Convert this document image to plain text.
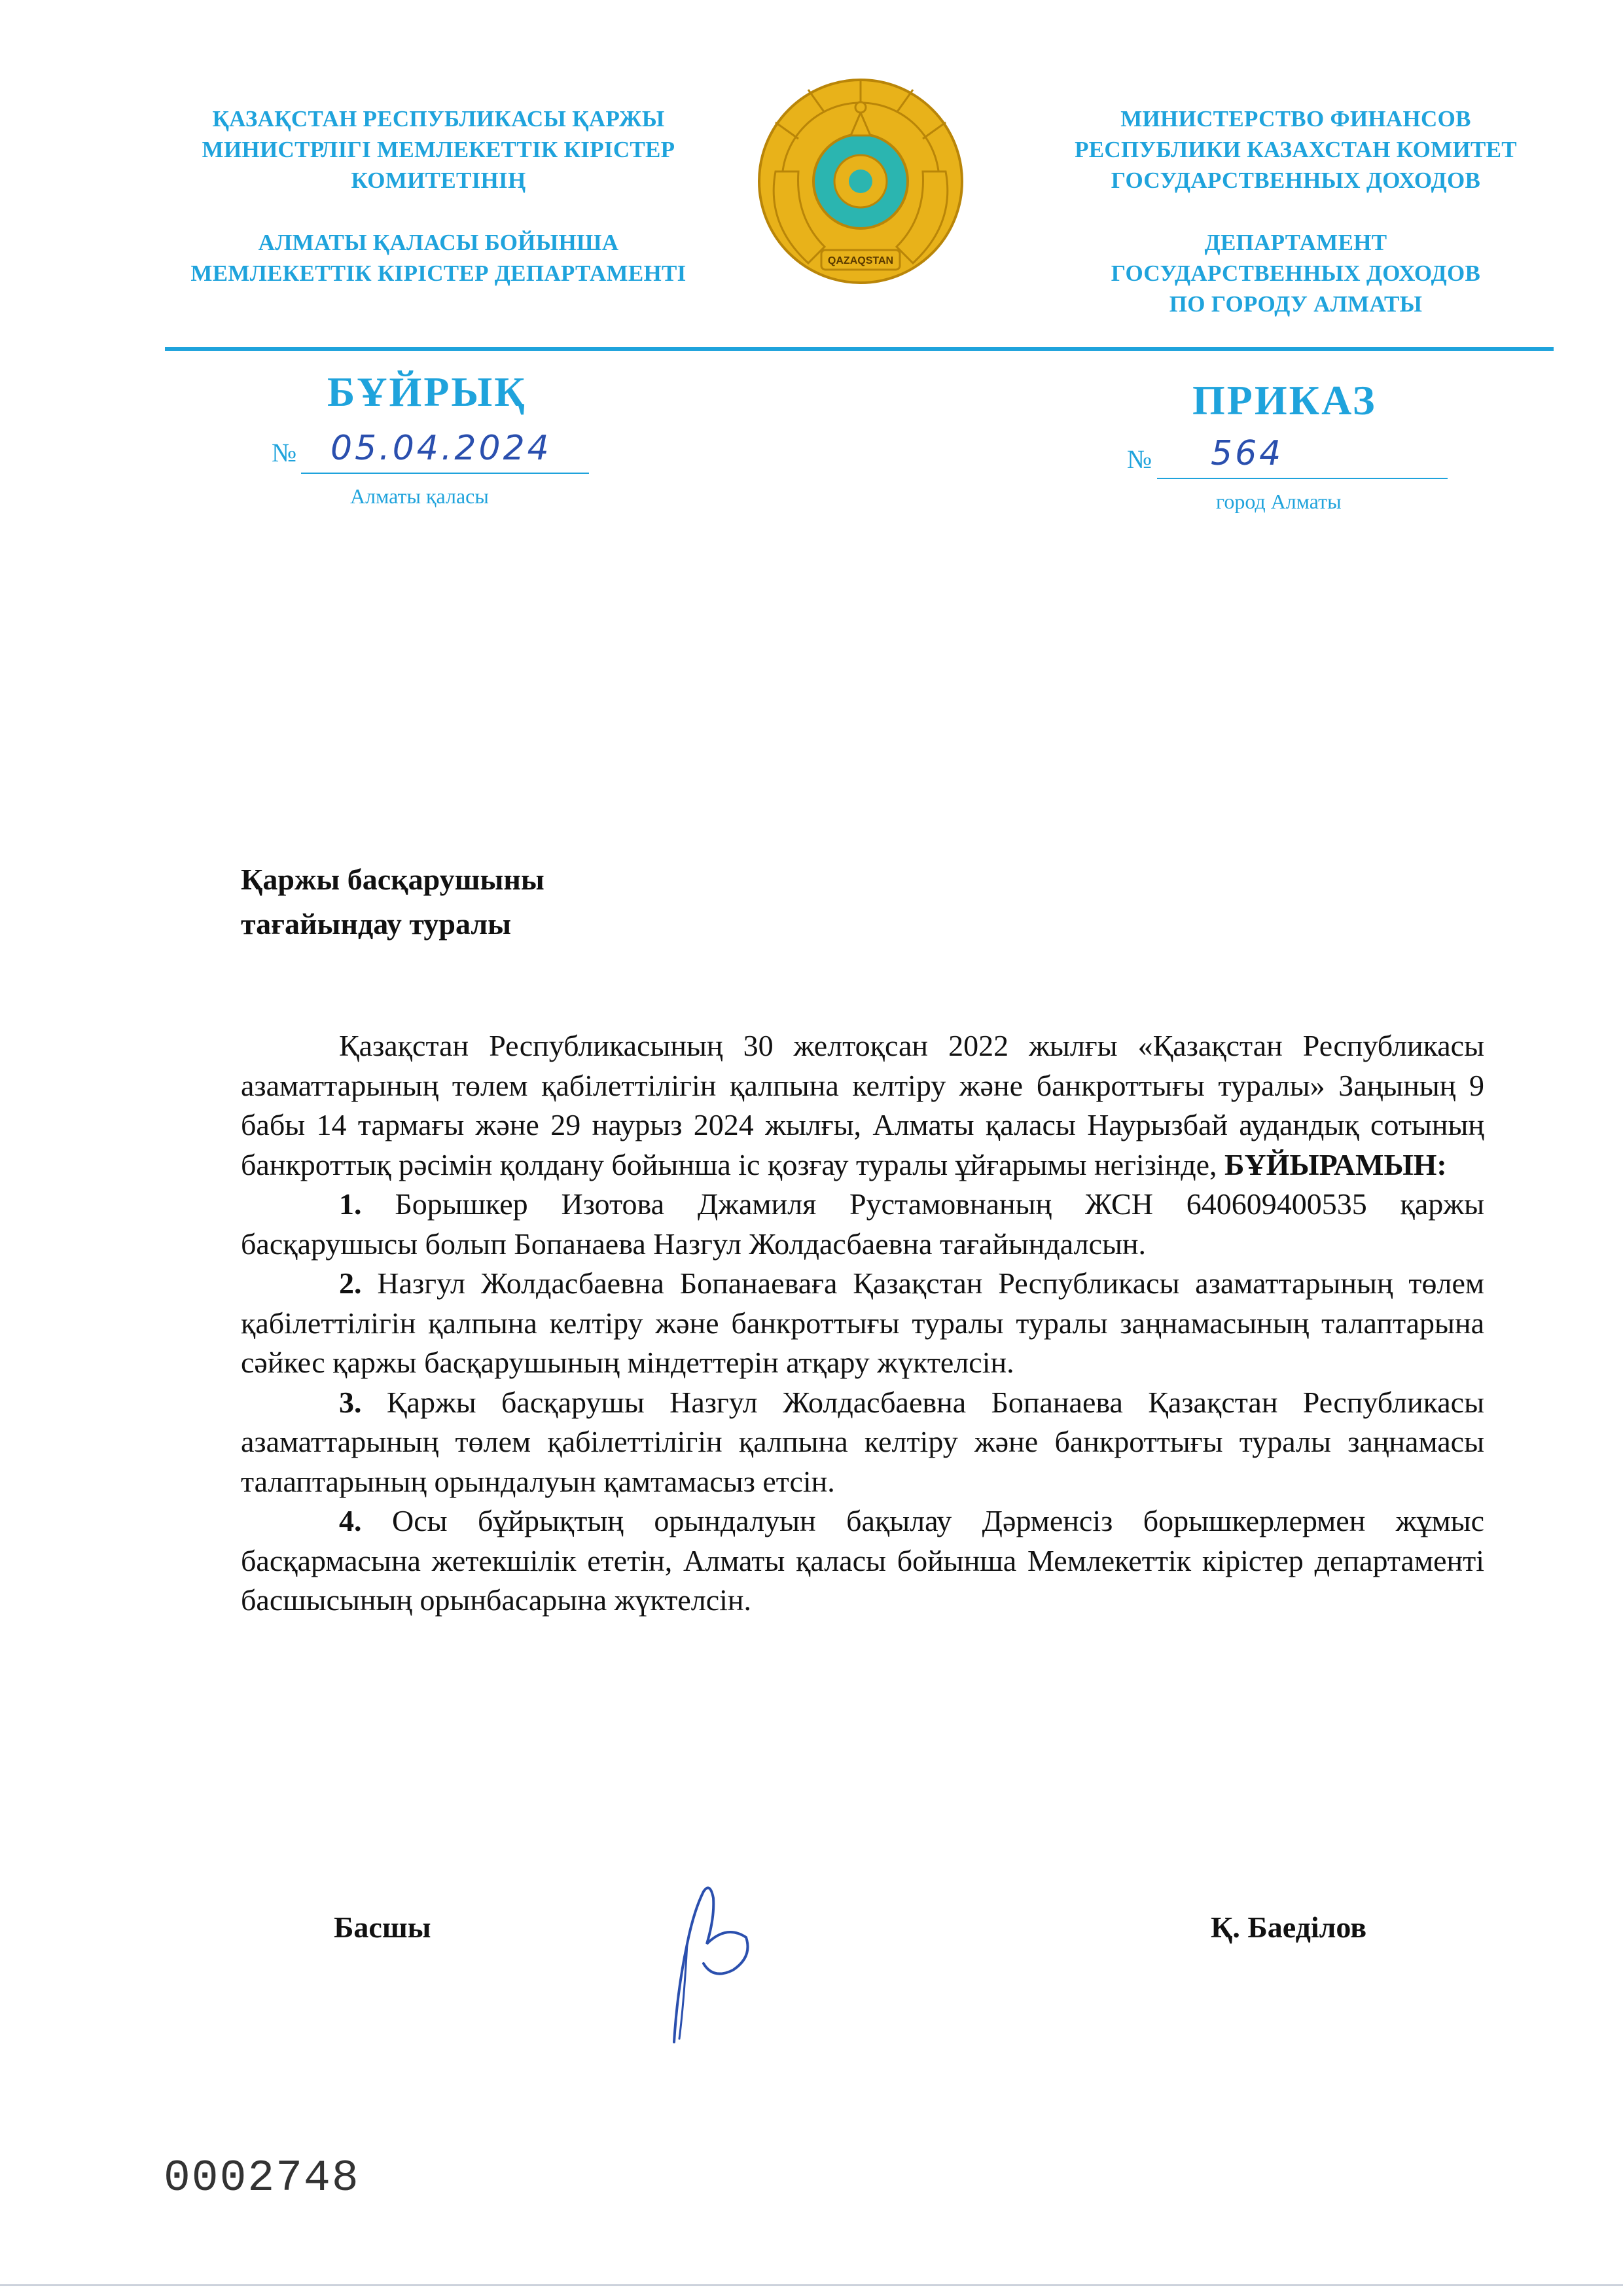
ҚАЗАҚСТАН РЕСПУБЛИКАСЫ ҚАРЖЫ
МИНИСТРЛІГІ МЕМЛЕКЕТТІК КІРІСТЕР
КОМИТЕТІНІҢ
АЛМАТЫ ҚАЛАСЫ БОЙЫНША
МЕМЛЕКЕТТІК КІРІСТЕР ДЕПАРТАМЕНТІ	QAZAQSTAN
МИНИСТЕРСТВО ФИНАНСОВ
РЕСПУБЛИКИ КАЗАХСТАН КОМИТЕТ
ГОСУДАРСТВЕННЫХ ДОХОДОВ
ДЕПАРТАМЕНТ
ГОСУДАРСТВЕННЫХ ДОХОДОВ
ПО ГОРОДУ АЛМАТЫ
БҰЙРЫҚ	ПРИКАЗ
№ 05.04.2024
Алматы қаласы
№ 564
город Алматы
Қаржы басқарушыны
тағайындау туралы

Қазақстан Республикасының 30 желтоқсан 2022 жылғы «Қазақстан Республикасы азаматтарының төлем қабілеттілігін қалпына келтіру және банкроттығы туралы» Заңының 9 бабы 14 тармағы және 29 наурыз 2024 жылғы, Алматы қаласы Наурызбай аудандық сотының банкроттық рәсімін қолдану бойынша іс қозғау туралы ұйғарымы негізінде, БҰЙЫРАМЫН:

1. Борышкер Изотова Джамиля Рустамовнаның ЖСН 640609400535 қаржы басқарушысы болып Бопанаева Назгул Жолдасбаевна тағайындалсын.

2. Назгул Жолдасбаевна Бопанаеваға Қазақстан Республикасы азаматтарының төлем қабілеттілігін қалпына келтіру және банкроттығы туралы туралы заңнамасының талаптарына сәйкес қаржы басқарушының міндеттерін атқару жүктелсін.

3. Қаржы басқарушы Назгул Жолдасбаевна Бопанаева Қазақстан Республикасы азаматтарының төлем қабілеттілігін қалпына келтіру және банкроттығы туралы заңнамасы талаптарының орындалуын қамтамасыз етсін.

4. Осы бұйрықтың орындалуын бақылау Дәрменсіз борышкерлермен жұмыс басқармасына жетекшілік ететін, Алматы қаласы бойынша Мемлекеттік кірістер департаменті басшысының орынбасарына жүктелсін.

Басшы	Қ. Баеділов
0002748
